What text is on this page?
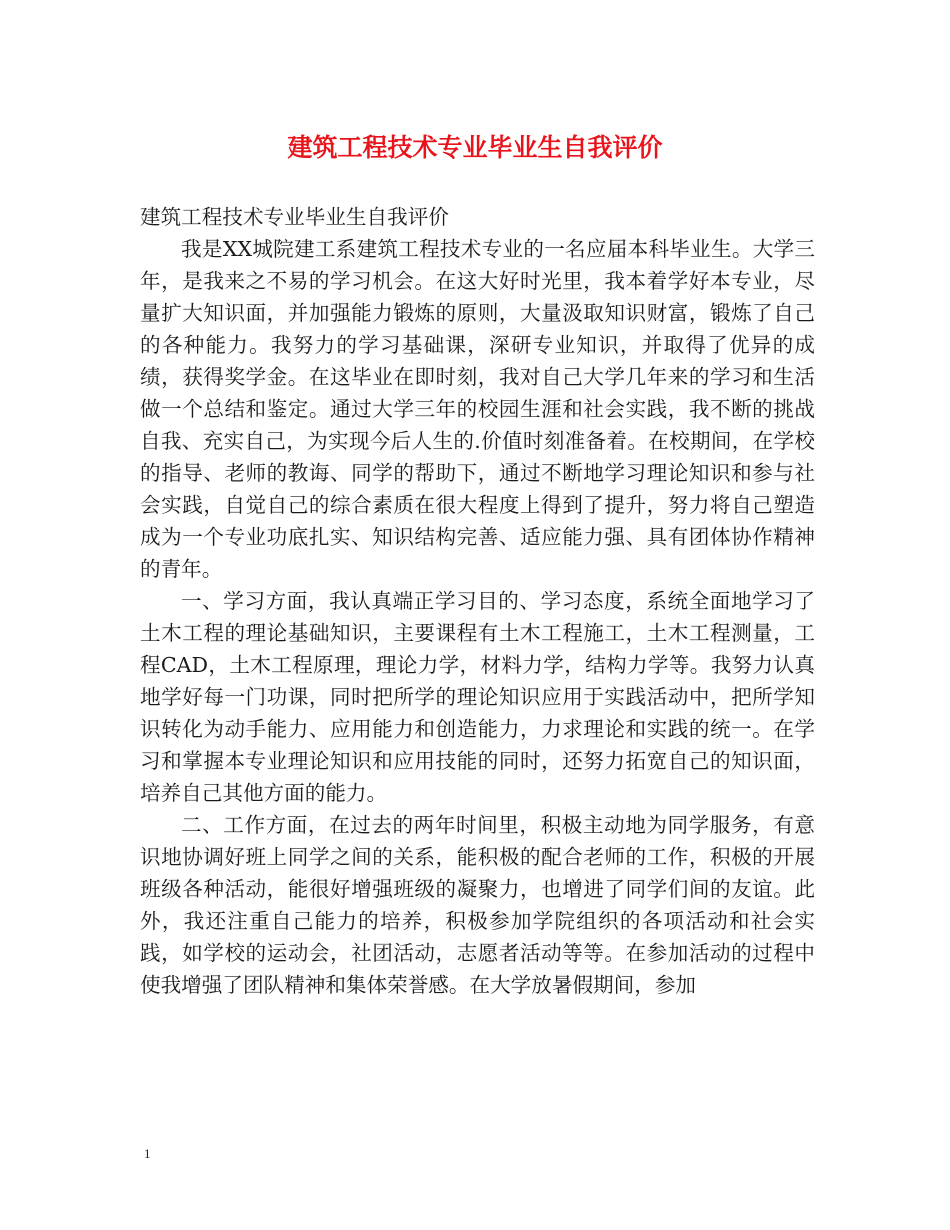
建筑工程技术专业毕业生自我评价

建筑工程技术专业毕业生自我评价

我是XX城院建工系建筑工程技术专业的一名应届本科毕业生。大学三年，是我来之不易的学习机会。在这大好时光里，我本着学好本专业，尽量扩大知识面，并加强能力锻炼的原则，大量汲取知识财富，锻炼了自己的各种能力。我努力的学习基础课，深研专业知识，并取得了优异的成绩，获得奖学金。在这毕业在即时刻，我对自己大学几年来的学习和生活做一个总结和鉴定。通过大学三年的校园生涯和社会实践，我不断的挑战自我、充实自己，为实现今后人生的.价值时刻准备着。在校期间，在学校的指导、老师的教诲、同学的帮助下，通过不断地学习理论知识和参与社会实践，自觉自己的综合素质在很大程度上得到了提升，努力将自己塑造成为一个专业功底扎实、知识结构完善、适应能力强、具有团体协作精神的青年。

一、学习方面，我认真端正学习目的、学习态度，系统全面地学习了土木工程的理论基础知识，主要课程有土木工程施工，土木工程测量，工程CAD，土木工程原理，理论力学，材料力学，结构力学等。我努力认真地学好每一门功课，同时把所学的理论知识应用于实践活动中，把所学知识转化为动手能力、应用能力和创造能力，力求理论和实践的统一。在学习和掌握本专业理论知识和应用技能的同时，还努力拓宽自己的知识面，培养自己其他方面的能力。

二、工作方面，在过去的两年时间里，积极主动地为同学服务，有意识地协调好班上同学之间的关系，能积极的配合老师的工作，积极的开展班级各种活动，能很好增强班级的凝聚力，也增进了同学们间的友谊。此外，我还注重自己能力的培养，积极参加学院组织的各项活动和社会实践，如学校的运动会，社团活动，志愿者活动等等。在参加活动的过程中使我增强了团队精神和集体荣誉感。在大学放暑假期间，参加

1
